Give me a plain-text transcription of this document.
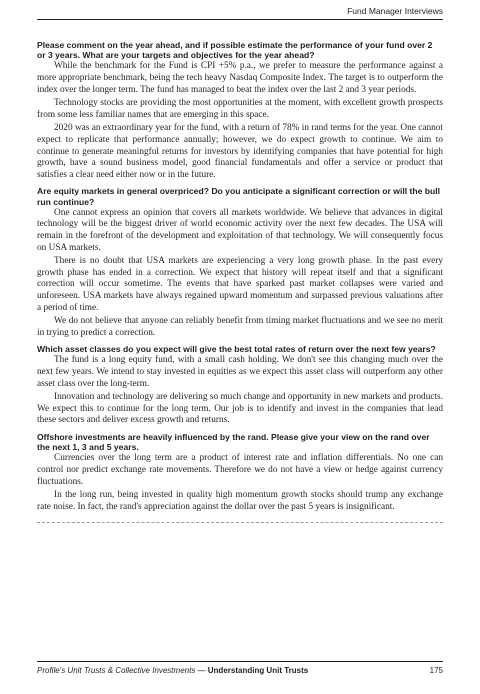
Fund Manager Interviews
Please comment on the year ahead, and if possible estimate the performance of your fund over 2 or 3 years. What are your targets and objectives for the year ahead?

While the benchmark for the Fund is CPI +5% p.a., we prefer to measure the performance against a more appropriate benchmark, being the tech heavy Nasdaq Composite Index. The target is to outperform the index over the longer term. The fund has managed to beat the index over the last 2 and 3 year periods.

Technology stocks are providing the most opportunities at the moment, with excellent growth prospects from some less familiar names that are emerging in this space.

2020 was an extraordinary year for the fund, with a return of 78% in rand terms for the year. One cannot expect to replicate that performance annually; however, we do expect growth to continue. We aim to continue to generate meaningful returns for investors by identifying companies that have potential for high growth, have a sound business model, good financial fundamentals and offer a service or product that satisfies a clear need either now or in the future.

Are equity markets in general overpriced? Do you anticipate a significant correction or will the bull run continue?

One cannot express an opinion that covers all markets worldwide. We believe that advances in digital technology will be the biggest driver of world economic activity over the next few decades. The USA will remain in the forefront of the development and exploitation of that technology. We will consequently focus on USA markets.

There is no doubt that USA markets are experiencing a very long growth phase. In the past every growth phase has ended in a correction. We expect that history will repeat itself and that a significant correction will occur sometime. The events that have sparked past market collapses were varied and unforeseen. USA markets have always regained upward momentum and surpassed previous valuations after a period of time.

We do not believe that anyone can reliably benefit from timing market fluctuations and we see no merit in trying to predict a correction.

Which asset classes do you expect will give the best total rates of return over the next few years?

The fund is a long equity fund, with a small cash holding. We don't see this changing much over the next few years. We intend to stay invested in equities as we expect this asset class will outperform any other asset class over the long-term.

Innovation and technology are delivering so much change and opportunity in new markets and products. We expect this to continue for the long term. Our job is to identify and invest in the companies that lead these sectors and deliver excess growth and returns.

Offshore investments are heavily influenced by the rand. Please give your view on the rand over the next 1, 3 and 5 years.

Currencies over the long term are a product of interest rate and inflation differentials. No one can control nor predict exchange rate movements. Therefore we do not have a view or hedge against currency fluctuations.

In the long run, being invested in quality high momentum growth stocks should trump any exchange rate noise. In fact, the rand's appreciation against the dollar over the past 5 years is insignificant.

Profile's Unit Trusts & Collective Investments — Understanding Unit Trusts	175
